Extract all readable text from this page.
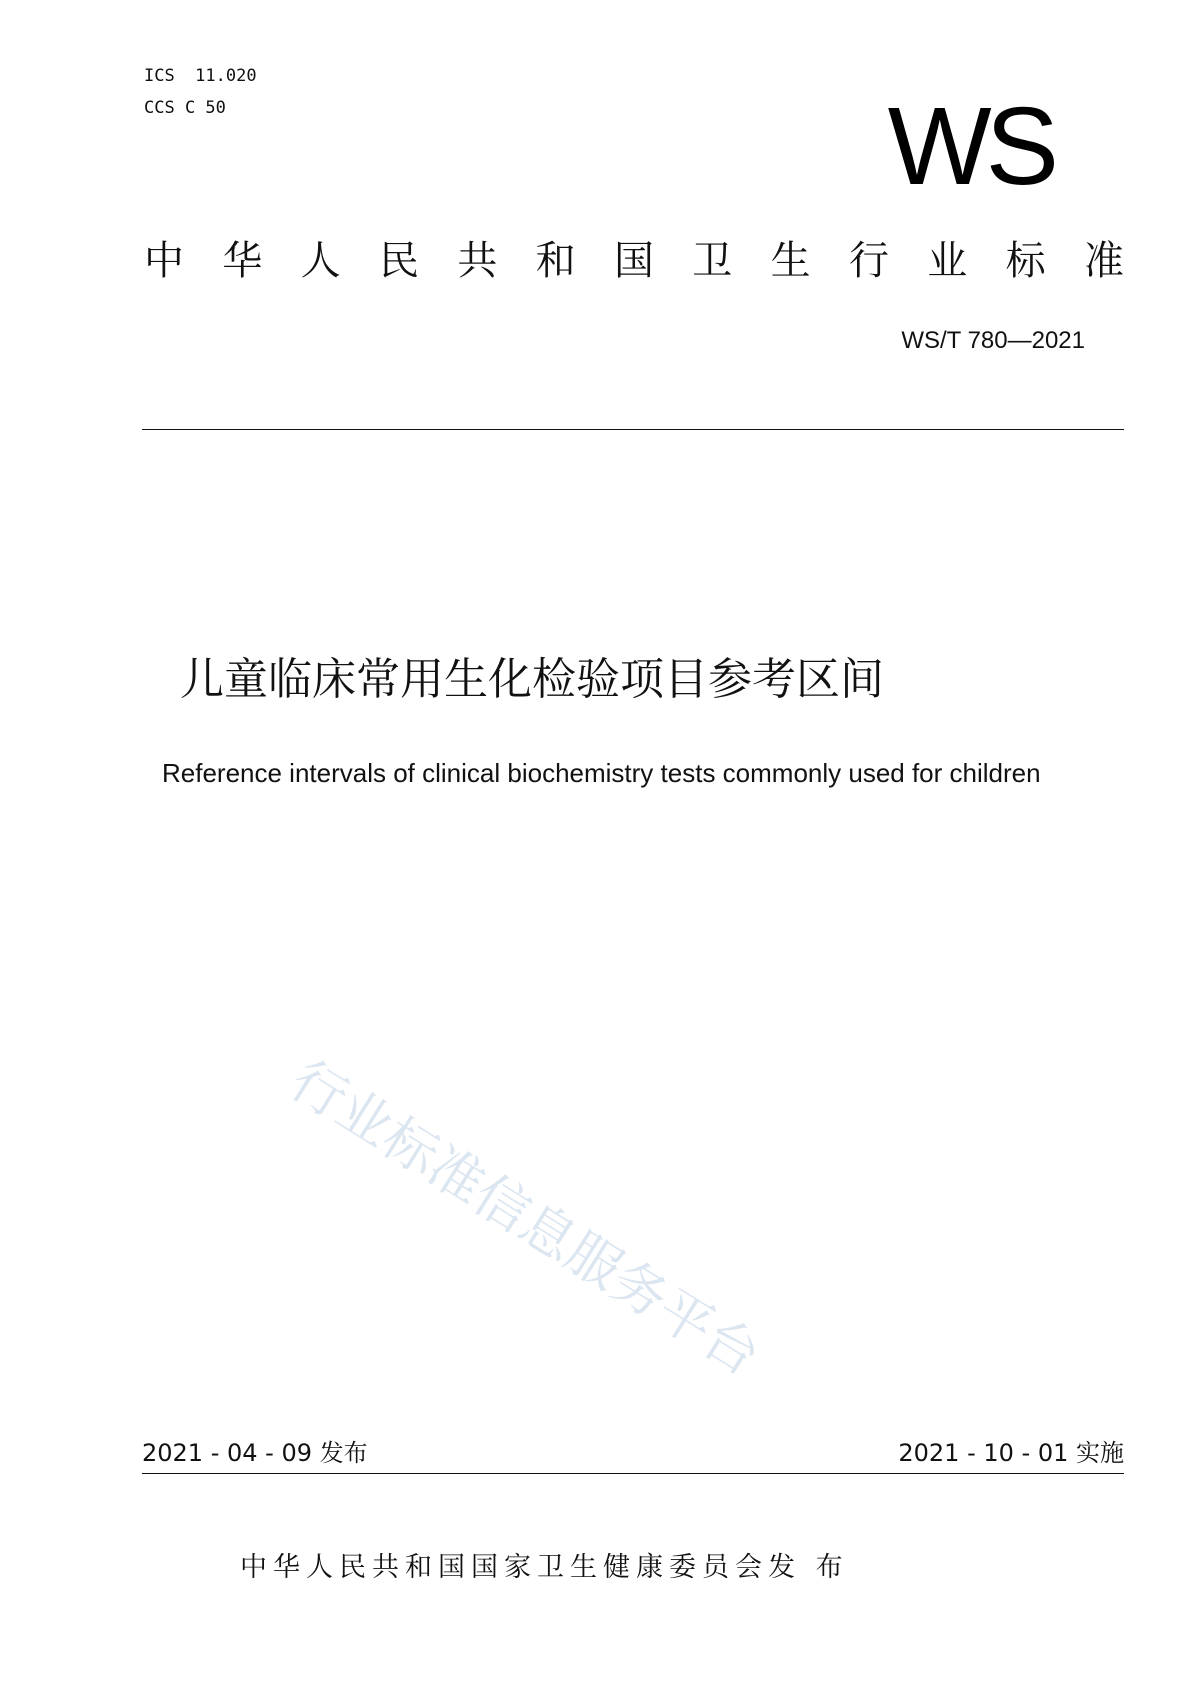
ICS  11.020
CCS C 50	WS
中 华 人 民 共 和 国 卫 生 行 业 标 准
WS/T 780—2021
儿童临床常用生化检验项目参考区间
Reference intervals of clinical biochemistry tests commonly used for children
行业标准信息服务平台
2021 - 04 - 09 发布	2021 - 10 - 01 实施
中华人民共和国国家卫生健康委员会发 布
